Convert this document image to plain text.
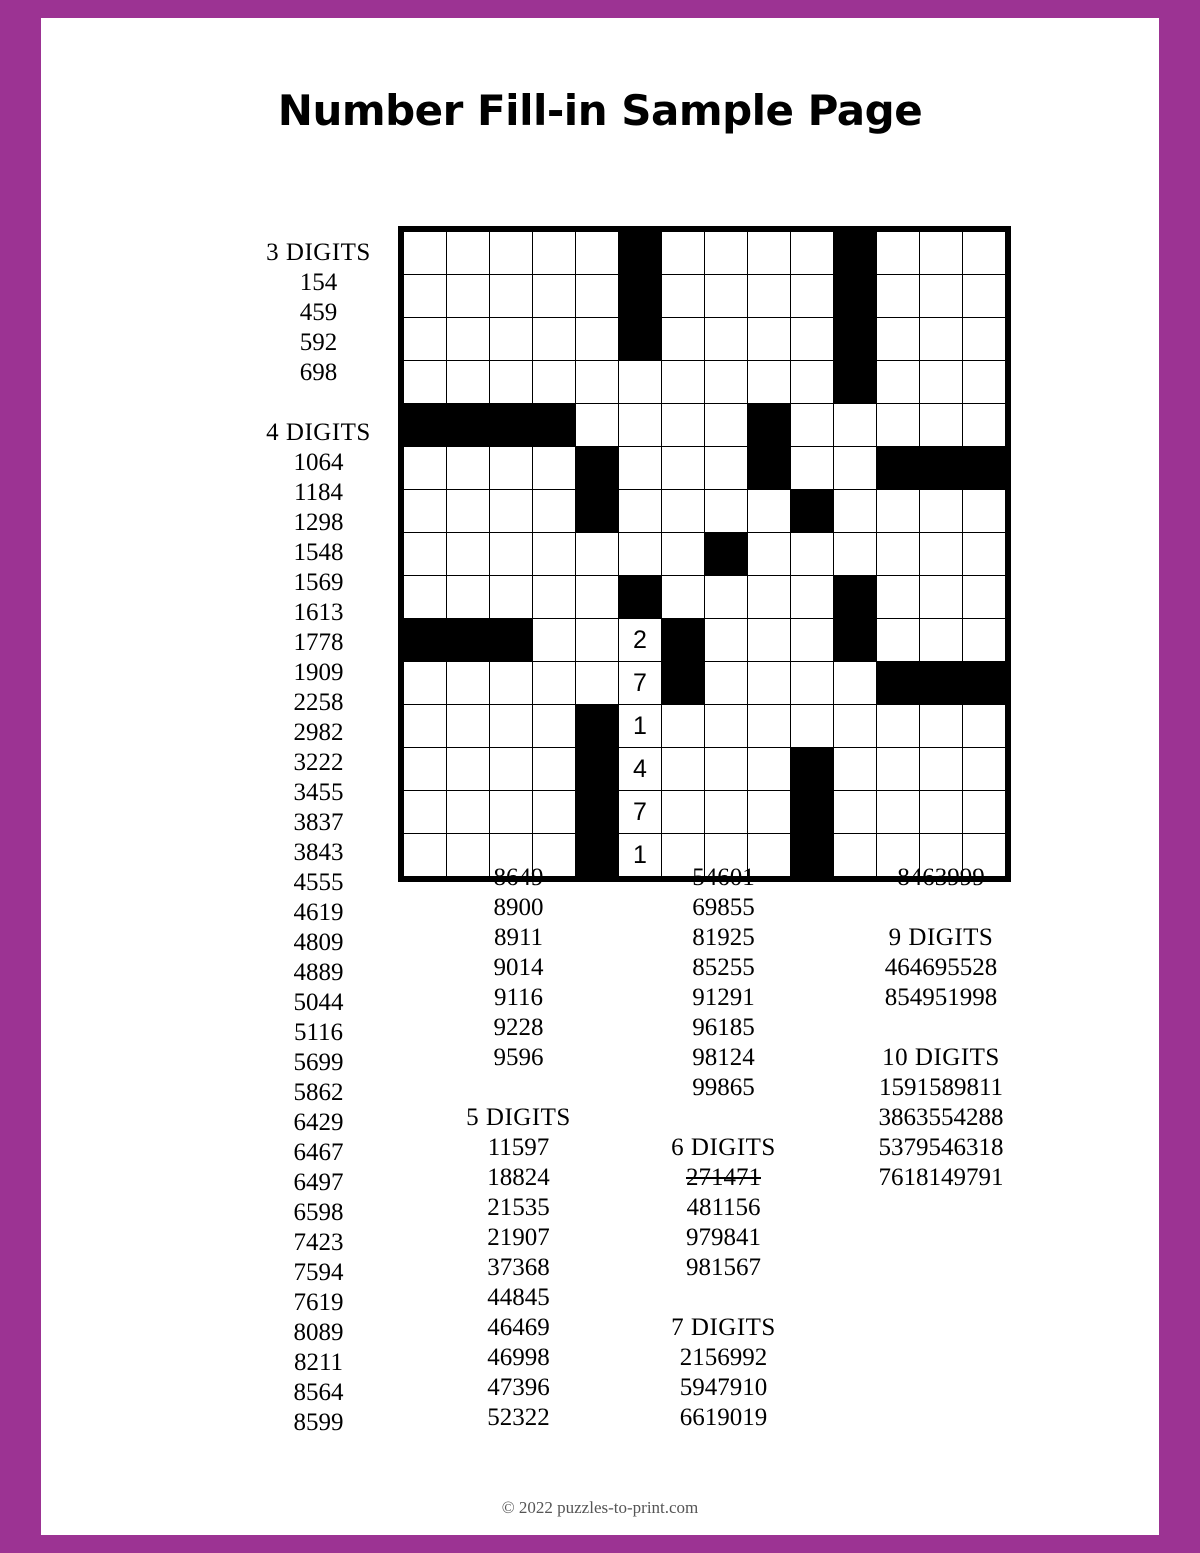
Number Fill-in Sample Page

					2								
					7								
					1								
					4								
					7								
					1								
3 DIGITS
154
459
592
698
4 DIGITS
1064
1184
1298
1548
1569
1613
1778
1909
2258
2982
3222
3455
3837
3843
4555
4619
4809
4889
5044
5116
5699
5862
6429
6467
6497
6598
7423
7594
7619
8089
8211
8564
8599
8649
8900
8911
9014
9116
9228
9596
5 DIGITS
11597
18824
21535
21907
37368
44845
46469
46998
47396
52322
54601
69855
81925
85255
91291
96185
98124
99865
6 DIGITS
271471
481156
979841
981567
7 DIGITS
2156992
5947910
6619019
8463999
9 DIGITS
464695528
854951998
10 DIGITS
1591589811
3863554288
5379546318
7618149791
© 2022 puzzles-to-print.com
